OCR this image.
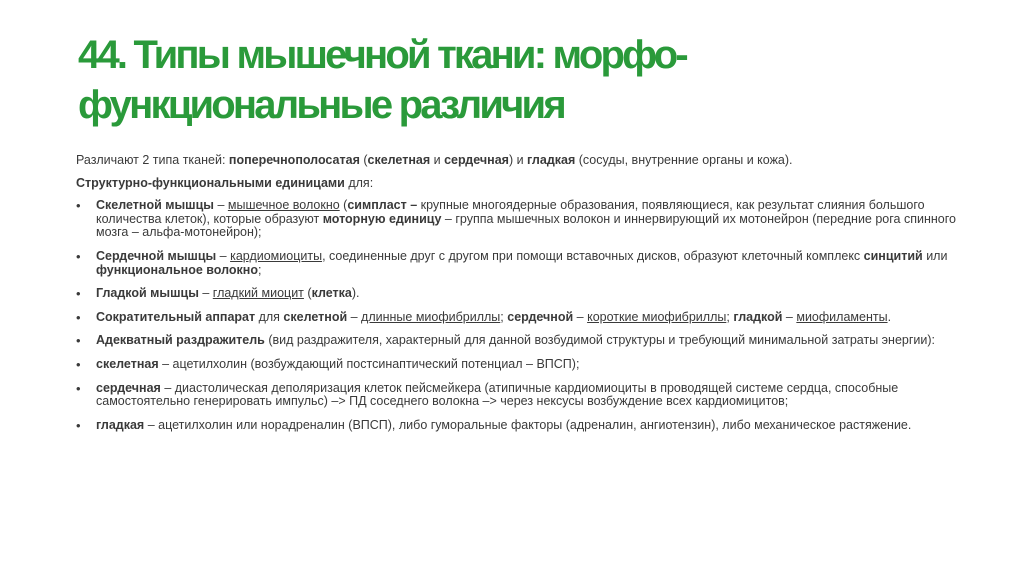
44. Типы мышечной ткани: морфо-
функциональные различия

Различают 2 типа тканей: поперечнополосатая (скелетная и сердечная) и гладкая (сосуды, внутренние органы и кожа).

Структурно-функциональными единицами для:

• Скелетной мышцы – мышечное волокно (симпласт – крупные многоядерные образования, появляющиеся, как результат слияния большого количества клеток), которые образуют моторную единицу – группа мышечных волокон и иннервирующий их мотонейрон (передние рога спинного мозга – альфа-мотонейрон);
• Сердечной мышцы – кардиомиоциты, соединенные друг с другом при помощи вставочных дисков, образуют клеточный комплекс синцитий или функциональное волокно;
• Гладкой мышцы – гладкий миоцит (клетка).
• Сократительный аппарат для скелетной – длинные миофибриллы; сердечной – короткие миофибриллы; гладкой – миофиламенты.
• Адекватный раздражитель (вид раздражителя, характерный для данной возбудимой структуры и требующий минимальной затраты энергии):
• скелетная – ацетилхолин (возбуждающий постсинаптический потенциал – ВПСП);
• сердечная – диастолическая деполяризация клеток пейсмейкера (атипичные кардиомиоциты в проводящей системе сердца, способные самостоятельно генерировать импульс) –> ПД соседнего волокна –> через нексусы возбуждение всех кардиомицитов;
• гладкая – ацетилхолин или норадреналин (ВПСП), либо гуморальные факторы (адреналин, ангиотензин), либо механическое растяжение.
